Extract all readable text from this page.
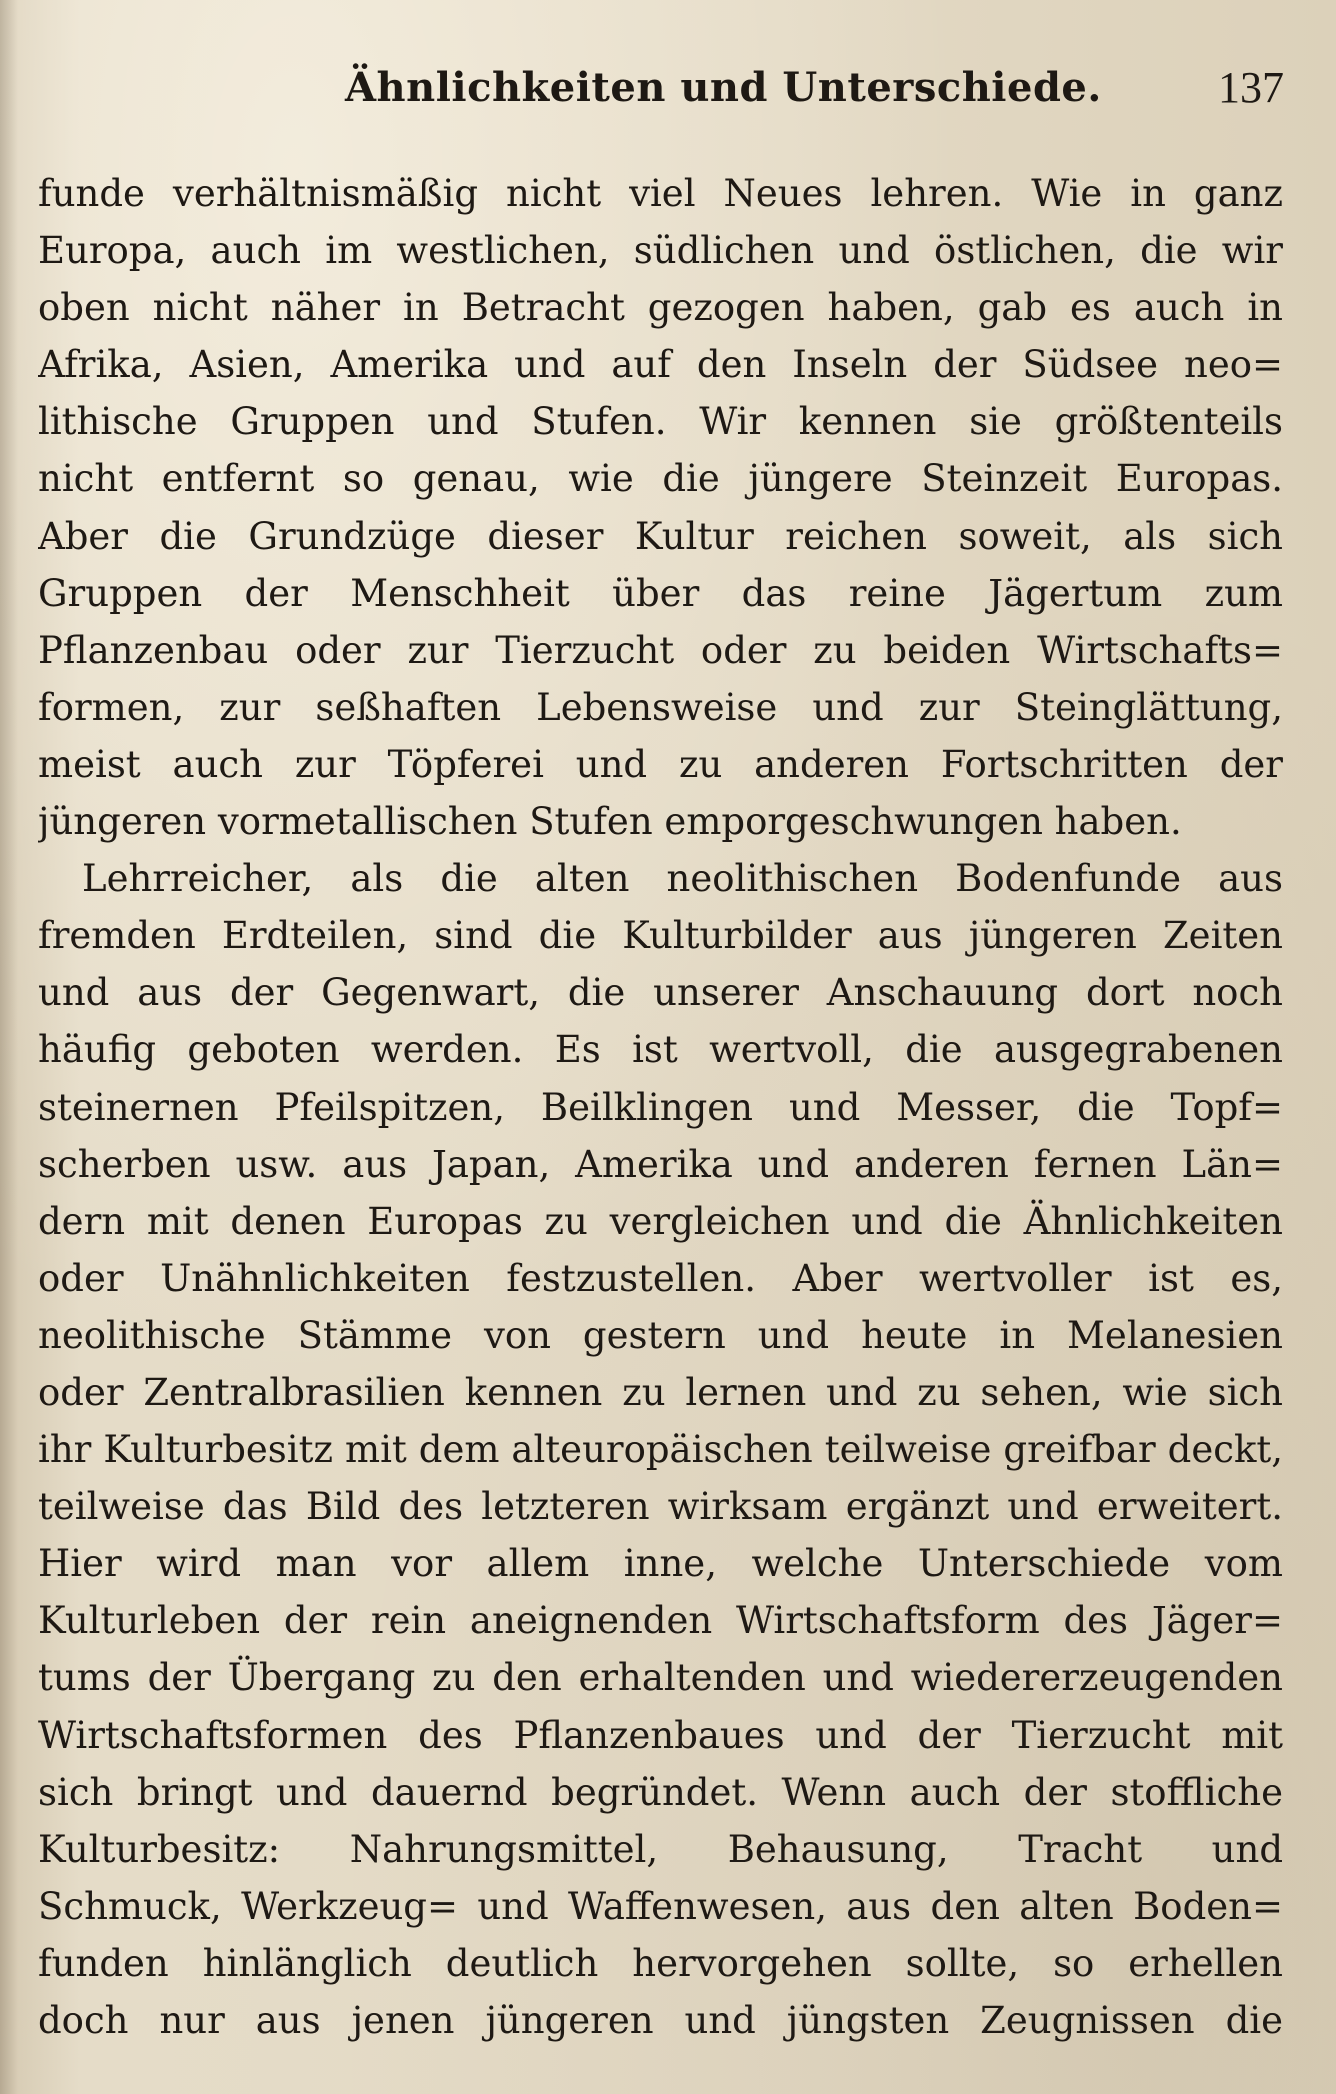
Ähnlichkeiten und Unterschiede.	137
funde verhältnismäßig nicht viel Neues lehren. Wie in ganz
Europa, auch im westlichen, südlichen und östlichen, die wir
oben nicht näher in Betracht gezogen haben, gab es auch in
Afrika, Asien, Amerika und auf den Inseln der Südsee neo=
lithische Gruppen und Stufen. Wir kennen sie größtenteils
nicht entfernt so genau, wie die jüngere Steinzeit Europas.
Aber die Grundzüge dieser Kultur reichen soweit, als sich
Gruppen der Menschheit über das reine Jägertum zum
Pflanzenbau oder zur Tierzucht oder zu beiden Wirtschafts=
formen, zur seßhaften Lebensweise und zur Steinglättung,
meist auch zur Töpferei und zu anderen Fortschritten der
jüngeren vormetallischen Stufen emporgeschwungen haben.
Lehrreicher, als die alten neolithischen Bodenfunde aus
fremden Erdteilen, sind die Kulturbilder aus jüngeren Zeiten
und aus der Gegenwart, die unserer Anschauung dort noch
häufig geboten werden. Es ist wertvoll, die ausgegrabenen
steinernen Pfeilspitzen, Beilklingen und Messer, die Topf=
scherben usw. aus Japan, Amerika und anderen fernen Län=
dern mit denen Europas zu vergleichen und die Ähnlichkeiten
oder Unähnlichkeiten festzustellen. Aber wertvoller ist es,
neolithische Stämme von gestern und heute in Melanesien
oder Zentralbrasilien kennen zu lernen und zu sehen, wie sich
ihr Kulturbesitz mit dem alteuropäischen teilweise greifbar deckt,
teilweise das Bild des letzteren wirksam ergänzt und erweitert.
Hier wird man vor allem inne, welche Unterschiede vom
Kulturleben der rein aneignenden Wirtschaftsform des Jäger=
tums der Übergang zu den erhaltenden und wiedererzeugenden
Wirtschaftsformen des Pflanzenbaues und der Tierzucht mit
sich bringt und dauernd begründet. Wenn auch der stoffliche
Kulturbesitz: Nahrungsmittel, Behausung, Tracht und
Schmuck, Werkzeug= und Waffenwesen, aus den alten Boden=
funden hinlänglich deutlich hervorgehen sollte, so erhellen
doch nur aus jenen jüngeren und jüngsten Zeugnissen die
